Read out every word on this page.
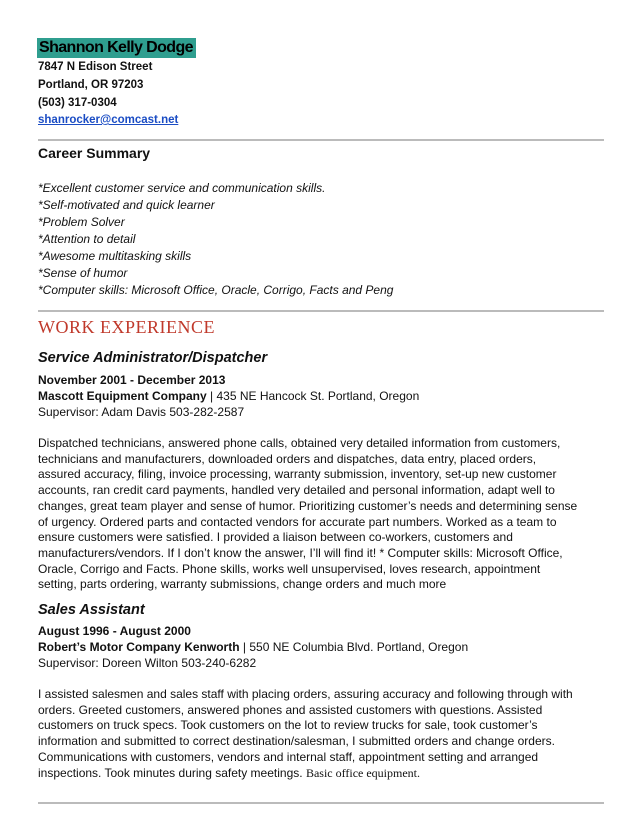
Shannon Kelly Dodge
7847 N Edison Street
Portland, OR 97203
(503) 317-0304
shanrocker@comcast.net
Career Summary
*Excellent customer service and communication skills.
*Self-motivated and quick learner
*Problem Solver
*Attention to detail
*Awesome multitasking skills
*Sense of humor
*Computer skills: Microsoft Office, Oracle, Corrigo, Facts and Peng
WORK EXPERIENCE
Service Administrator/Dispatcher
November 2001 - December 2013
Mascott Equipment Company | 435 NE Hancock St. Portland, Oregon
Supervisor: Adam Davis 503-282-2587
Dispatched technicians, answered phone calls, obtained very detailed information from customers,
technicians and manufacturers, downloaded orders and dispatches, data entry, placed orders,
assured accuracy, filing, invoice processing, warranty submission, inventory, set-up new customer
accounts, ran credit card payments, handled very detailed and personal information, adapt well to
changes, great team player and sense of humor. Prioritizing customer’s needs and determining sense
of urgency. Ordered parts and contacted vendors for accurate part numbers. Worked as a team to
ensure customers were satisfied. I provided a liaison between co-workers, customers and
manufacturers/vendors. If I don’t know the answer, I’ll will find it! * Computer skills: Microsoft Office,
Oracle, Corrigo and Facts. Phone skills, works well unsupervised, loves research, appointment
setting, parts ordering, warranty submissions, change orders and much more
Sales Assistant
August 1996 - August 2000
Robert’s Motor Company Kenworth | 550 NE Columbia Blvd. Portland, Oregon
Supervisor: Doreen Wilton 503-240-6282
I assisted salesmen and sales staff with placing orders, assuring accuracy and following through with
orders. Greeted customers, answered phones and assisted customers with questions. Assisted
customers on truck specs. Took customers on the lot to review trucks for sale, took customer’s
information and submitted to correct destination/salesman, I submitted orders and change orders.
Communications with customers, vendors and internal staff, appointment setting and arranged
inspections. Took minutes during safety meetings. Basic office equipment.
